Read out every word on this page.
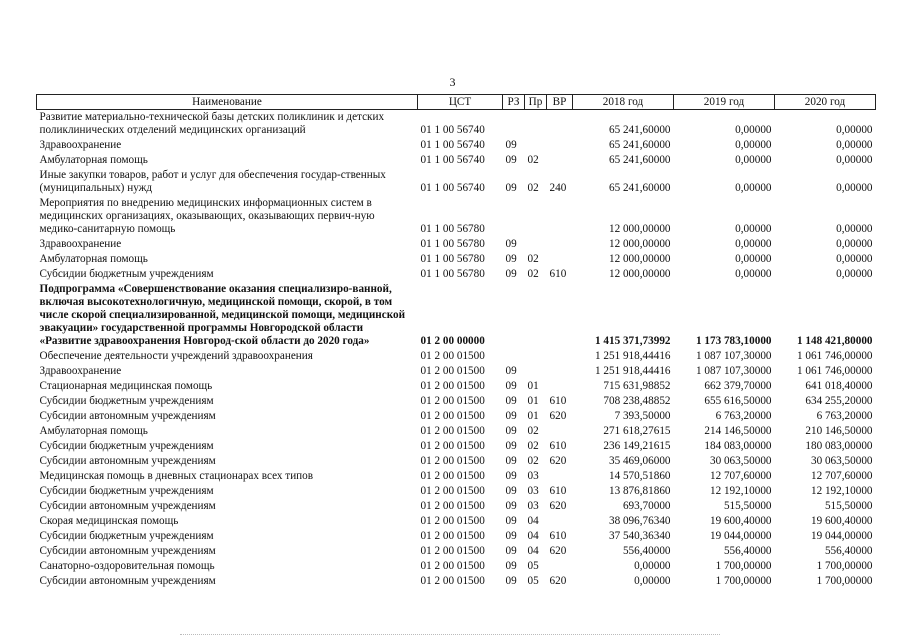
3
Наименование	ЦСТ	РЗ	Пр	ВР	2018 год	2019 год	2020 год
Развитие материально-технической базы детских поликлиник и детских поликлинических отделений медицинских организаций	01 1 00 56740				65 241,60000	0,00000	0,00000
Здравоохранение	01 1 00 56740	09			65 241,60000	0,00000	0,00000
Амбулаторная помощь	01 1 00 56740	09	02		65 241,60000	0,00000	0,00000
Иные закупки товаров, работ и услуг для обеспечения государ-ственных (муниципальных) нужд	01 1 00 56740	09	02	240	65 241,60000	0,00000	0,00000
Мероприятия по внедрению медицинских информационных систем в медицинских организациях, оказывающих, оказывающих первич-ную медико-санитарную помощь	01 1 00 56780				12 000,00000	0,00000	0,00000
Здравоохранение	01 1 00 56780	09			12 000,00000	0,00000	0,00000
Амбулаторная помощь	01 1 00 56780	09	02		12 000,00000	0,00000	0,00000
Субсидии бюджетным учреждениям	01 1 00 56780	09	02	610	12 000,00000	0,00000	0,00000
Подпрограмма «Совершенствование оказания специализиро-ванной, включая высокотехнологичную, медицинской помощи, скорой, в том числе скорой специализированной, медицинской помощи, медицинской эвакуации» государственной программы Новгородской области «Развитие здравоохранения Новгород-ской области до 2020 года»	01 2 00 00000				1 415 371,73992	1 173 783,10000	1 148 421,80000
Обеспечение деятельности учреждений здравоохранения	01 2 00 01500				1 251 918,44416	1 087 107,30000	1 061 746,00000
Здравоохранение	01 2 00 01500	09			1 251 918,44416	1 087 107,30000	1 061 746,00000
Стационарная медицинская помощь	01 2 00 01500	09	01		715 631,98852	662 379,70000	641 018,40000
Субсидии бюджетным учреждениям	01 2 00 01500	09	01	610	708 238,48852	655 616,50000	634 255,20000
Субсидии автономным учреждениям	01 2 00 01500	09	01	620	7 393,50000	6 763,20000	6 763,20000
Амбулаторная помощь	01 2 00 01500	09	02		271 618,27615	214 146,50000	210 146,50000
Субсидии бюджетным учреждениям	01 2 00 01500	09	02	610	236 149,21615	184 083,00000	180 083,00000
Субсидии автономным учреждениям	01 2 00 01500	09	02	620	35 469,06000	30 063,50000	30 063,50000
Медицинская помощь в дневных стационарах всех типов	01 2 00 01500	09	03		14 570,51860	12 707,60000	12 707,60000
Субсидии бюджетным учреждениям	01 2 00 01500	09	03	610	13 876,81860	12 192,10000	12 192,10000
Субсидии автономным учреждениям	01 2 00 01500	09	03	620	693,70000	515,50000	515,50000
Скорая медицинская помощь	01 2 00 01500	09	04		38 096,76340	19 600,40000	19 600,40000
Субсидии бюджетным учреждениям	01 2 00 01500	09	04	610	37 540,36340	19 044,00000	19 044,00000
Субсидии автономным учреждениям	01 2 00 01500	09	04	620	556,40000	556,40000	556,40000
Санаторно-оздоровительная помощь	01 2 00 01500	09	05		0,00000	1 700,00000	1 700,00000
Субсидии автономным учреждениям	01 2 00 01500	09	05	620	0,00000	1 700,00000	1 700,00000
